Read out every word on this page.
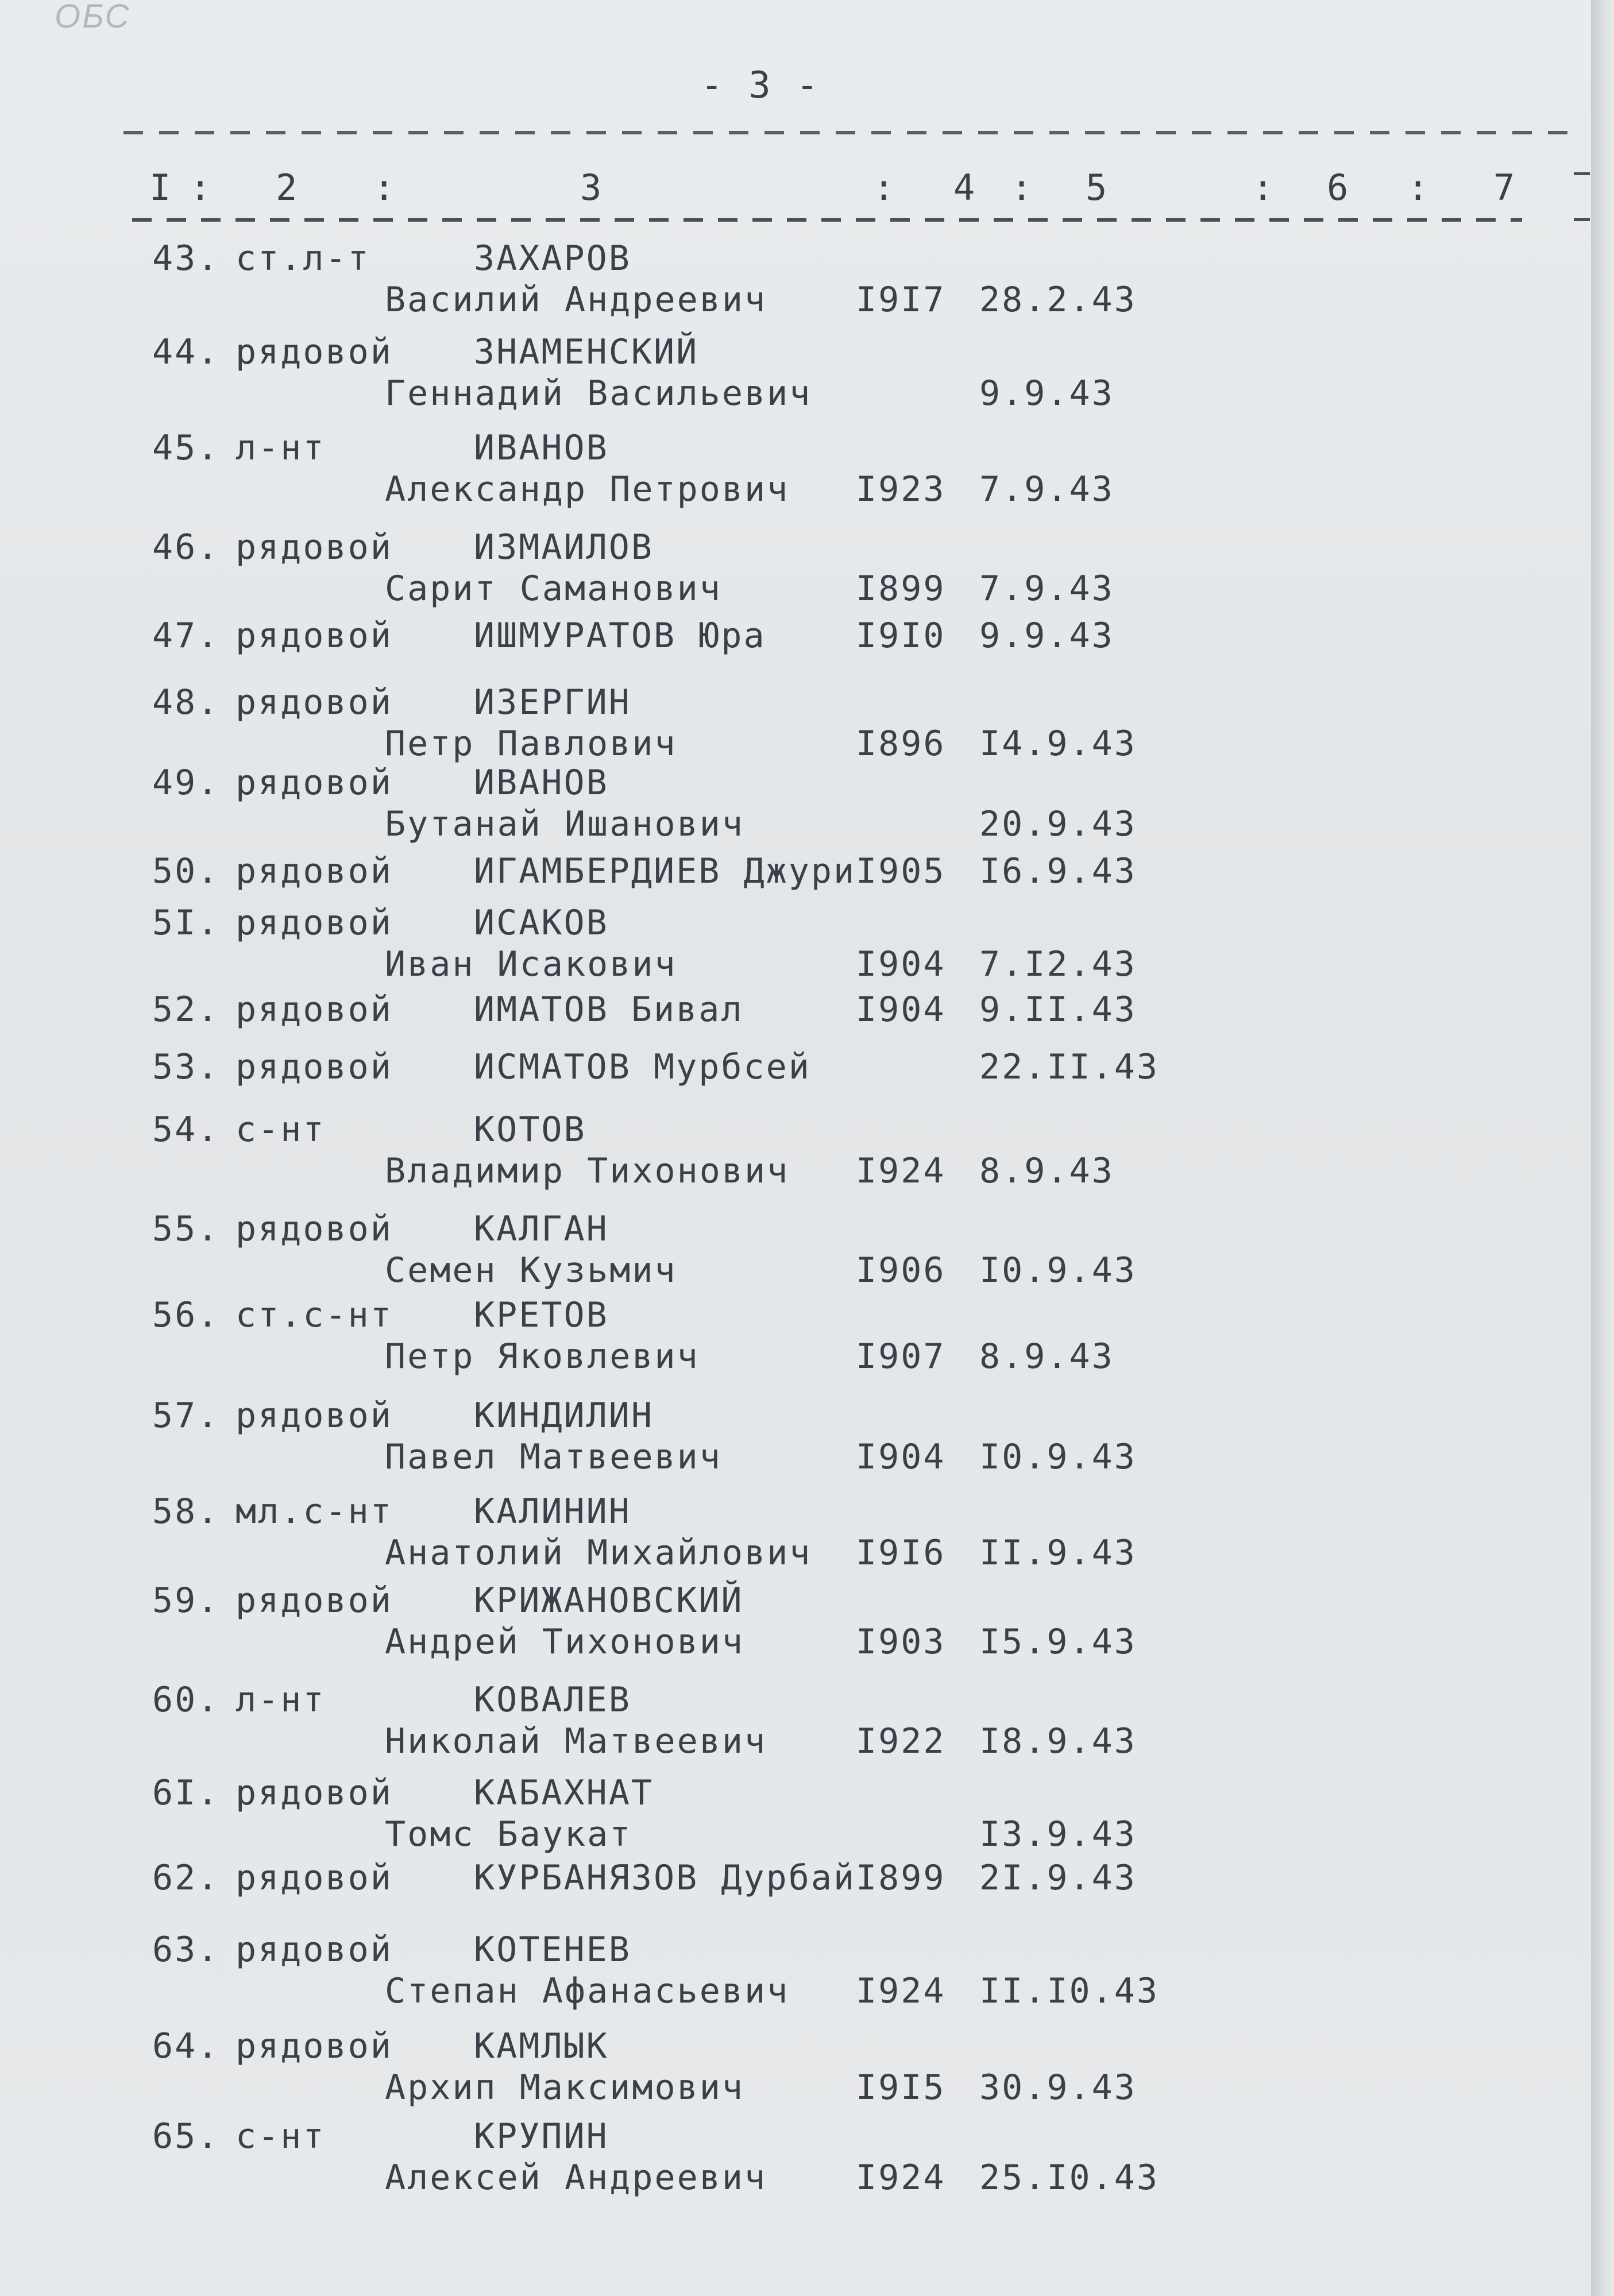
ОБС
- 3 -
I : 2 :	3	: 4 : 5	: 6 : 7
43. ст.л-т	ЗАХАРОВ
Василий Андреевич	I9I7 28.2.43
44. рядовой ЗНАМЕНСКИЙ
Геннадий Васильевич	9.9.43
45. л-нт	ИВАНОВ
Александр Петрович I923 7.9.43
46. рядовой ИЗМАИЛОВ
Сарит Саманович	I899 7.9.43
47. рядовой ИШМУРАТОВ Юра	I9I0 9.9.43
48. рядовой ИЗЕРГИН
Петр Павлович	I896 I4.9.43
49. рядовой ИВАНОВ
Бутанай Ишанович	20.9.43
50. рядовой ИГАМБЕРДИЕВ Джури I905 I6.9.43
5I. рядовой ИСАКОВ
Иван Исакович	I904 7.I2.43
52. рядовой ИМАТОВ Бивал	I904 9.II.43
53. рядовой ИСМАТОВ Мурбсей	22.II.43
54. с-нт	КОТОВ
Владимир Тихонович I924 8.9.43
55. рядовой КАЛГАН
Семен Кузьмич	I906 I0.9.43
56. ст.с-нт КРЕТОВ
Петр Яковлевич	I907 8.9.43
57. рядовой КИНДИЛИН
Павел Матвеевич	I904 I0.9.43
58. мл.с-нт КАЛИНИН
Анатолий Михайлович I9I6 II.9.43
59. рядовой КРИЖАНОВСКИЙ
Андрей Тихонович	I903 I5.9.43
60. л-нт	КОВАЛЕВ
Николай Матвеевич	I922 I8.9.43
6I. рядовой КАБАХНАТ
Томс Баукат	I3.9.43
62. рядовой КУРБАНЯЗОВ Дурбай I899 2I.9.43
63. рядовой КОТЕНЕВ
Степан Афанасьевич I924 II.I0.43
64. рядовой КАМЛЫК
Архип Максимович	I9I5 30.9.43
65. с-нт	КРУПИН
Алексей Андреевич	I924 25.I0.43
